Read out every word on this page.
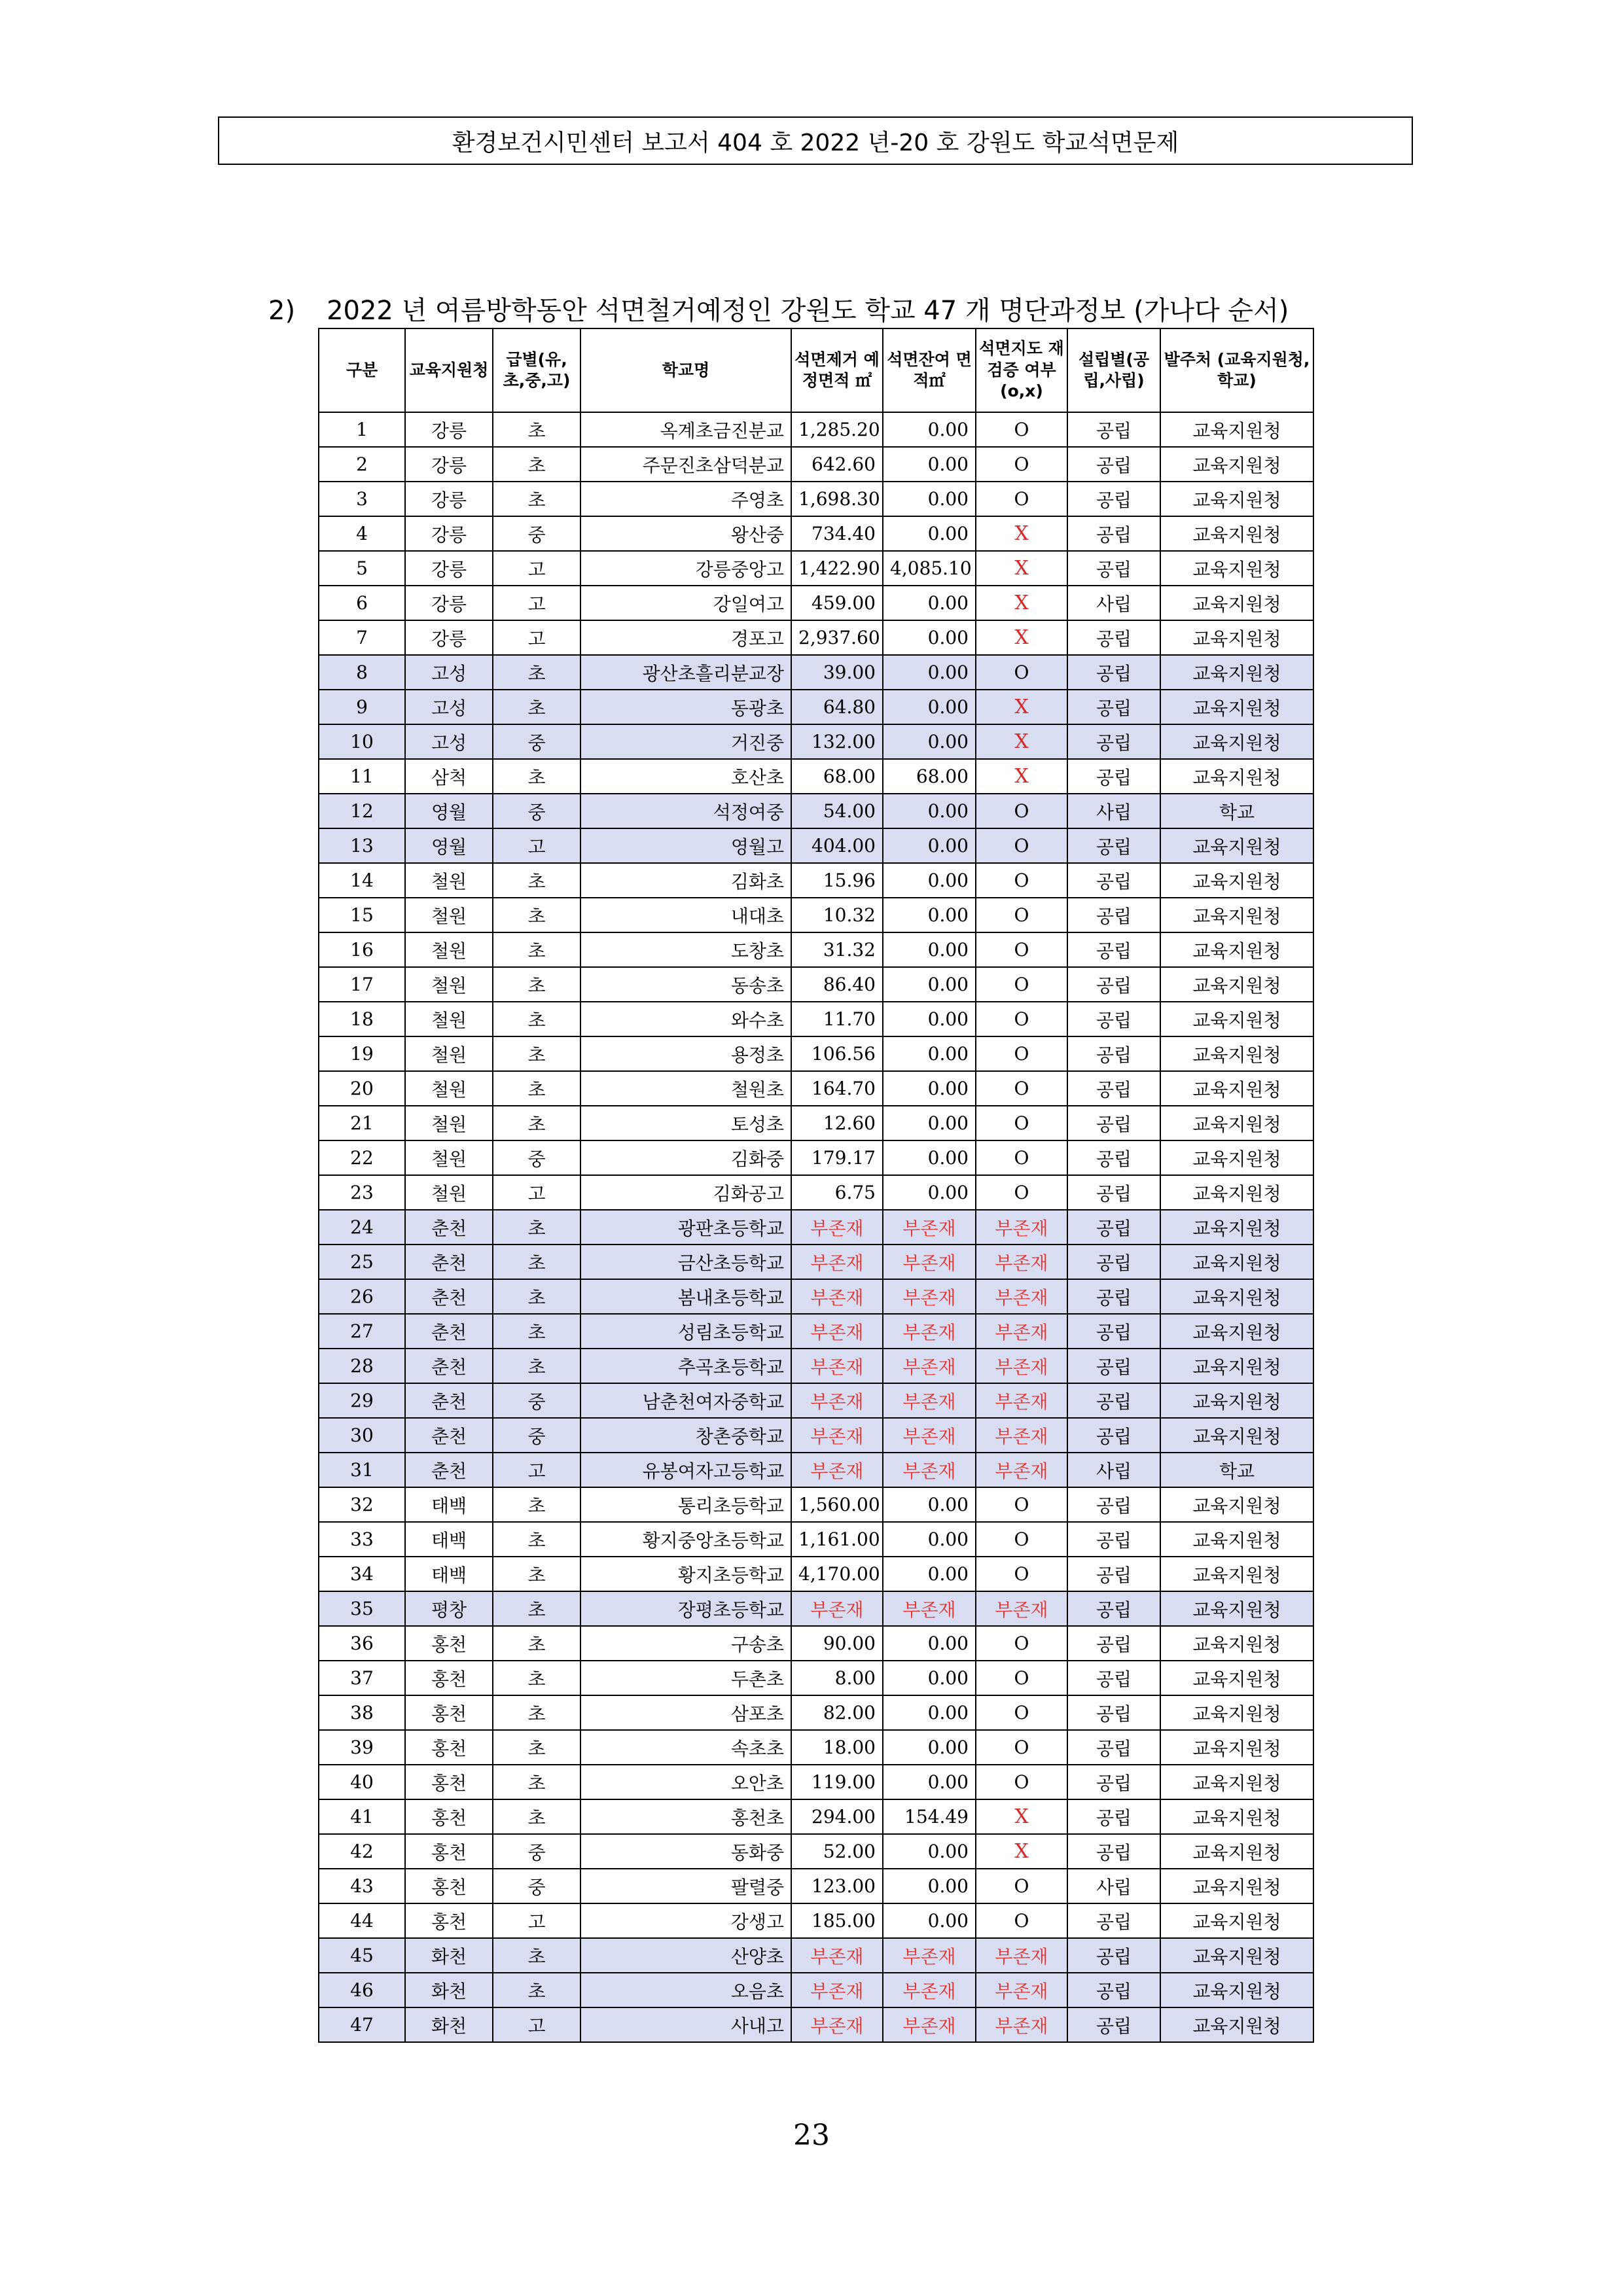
환경보건시민센터 보고서 404 호 2022 년-20 호 강원도 학교석면문제
2) 2022 년 여름방학동안 석면철거예정인 강원도 학교 47 개 명단과정보 (가나다 순서)
구분	교육지원청	급별(유,초,중,고)	학교명	석면제거 예정면적 ㎡	석면잔여 면적㎡	석면지도 재검증 여부(o,x)	설립별(공립,사립)	발주처 (교육지원청,학교)
1	강릉	초	옥계초금진분교	1,285.20	0.00	O	공립	교육지원청
2	강릉	초	주문진초삼덕분교	642.60	0.00	O	공립	교육지원청
3	강릉	초	주영초	1,698.30	0.00	O	공립	교육지원청
4	강릉	중	왕산중	734.40	0.00	X	공립	교육지원청
5	강릉	고	강릉중앙고	1,422.90	4,085.10	X	공립	교육지원청
6	강릉	고	강일여고	459.00	0.00	X	사립	교육지원청
7	강릉	고	경포고	2,937.60	0.00	X	공립	교육지원청
8	고성	초	광산초흘리분교장	39.00	0.00	O	공립	교육지원청
9	고성	초	동광초	64.80	0.00	X	공립	교육지원청
10	고성	중	거진중	132.00	0.00	X	공립	교육지원청
11	삼척	초	호산초	68.00	68.00	X	공립	교육지원청
12	영월	중	석정여중	54.00	0.00	O	사립	학교
13	영월	고	영월고	404.00	0.00	O	공립	교육지원청
14	철원	초	김화초	15.96	0.00	O	공립	교육지원청
15	철원	초	내대초	10.32	0.00	O	공립	교육지원청
16	철원	초	도창초	31.32	0.00	O	공립	교육지원청
17	철원	초	동송초	86.40	0.00	O	공립	교육지원청
18	철원	초	와수초	11.70	0.00	O	공립	교육지원청
19	철원	초	용정초	106.56	0.00	O	공립	교육지원청
20	철원	초	철원초	164.70	0.00	O	공립	교육지원청
21	철원	초	토성초	12.60	0.00	O	공립	교육지원청
22	철원	중	김화중	179.17	0.00	O	공립	교육지원청
23	철원	고	김화공고	6.75	0.00	O	공립	교육지원청
24	춘천	초	광판초등학교	부존재	부존재	부존재	공립	교육지원청
25	춘천	초	금산초등학교	부존재	부존재	부존재	공립	교육지원청
26	춘천	초	봄내초등학교	부존재	부존재	부존재	공립	교육지원청
27	춘천	초	성림초등학교	부존재	부존재	부존재	공립	교육지원청
28	춘천	초	추곡초등학교	부존재	부존재	부존재	공립	교육지원청
29	춘천	중	남춘천여자중학교	부존재	부존재	부존재	공립	교육지원청
30	춘천	중	창촌중학교	부존재	부존재	부존재	공립	교육지원청
31	춘천	고	유봉여자고등학교	부존재	부존재	부존재	사립	학교
32	태백	초	통리초등학교	1,560.00	0.00	O	공립	교육지원청
33	태백	초	황지중앙초등학교	1,161.00	0.00	O	공립	교육지원청
34	태백	초	황지초등학교	4,170.00	0.00	O	공립	교육지원청
35	평창	초	장평초등학교	부존재	부존재	부존재	공립	교육지원청
36	홍천	초	구송초	90.00	0.00	O	공립	교육지원청
37	홍천	초	두촌초	8.00	0.00	O	공립	교육지원청
38	홍천	초	삼포초	82.00	0.00	O	공립	교육지원청
39	홍천	초	속초초	18.00	0.00	O	공립	교육지원청
40	홍천	초	오안초	119.00	0.00	O	공립	교육지원청
41	홍천	초	홍천초	294.00	154.49	X	공립	교육지원청
42	홍천	중	동화중	52.00	0.00	X	공립	교육지원청
43	홍천	중	팔렬중	123.00	0.00	O	사립	교육지원청
44	홍천	고	강생고	185.00	0.00	O	공립	교육지원청
45	화천	초	산양초	부존재	부존재	부존재	공립	교육지원청
46	화천	초	오음초	부존재	부존재	부존재	공립	교육지원청
47	화천	고	사내고	부존재	부존재	부존재	공립	교육지원청
23
